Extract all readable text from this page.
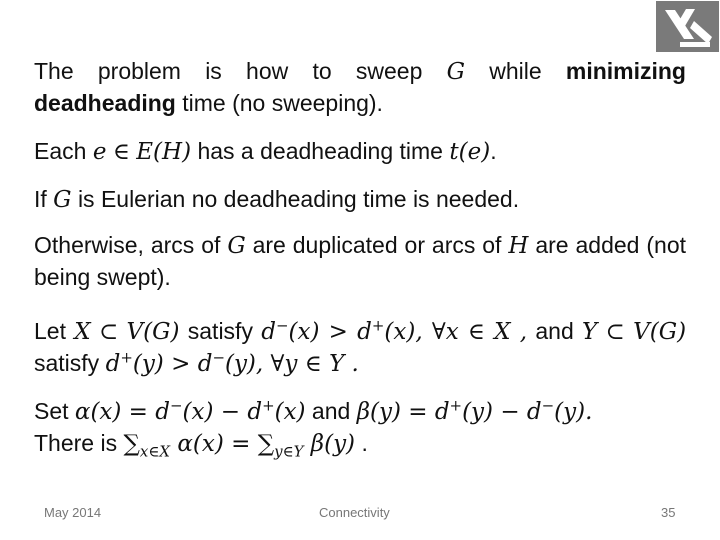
The problem is how to sweep G while minimizing deadheading time (no sweeping).

Each e ∈ E(H) has a deadheading time t(e).

If G is Eulerian no deadheading time is needed.

Otherwise, arcs of G are duplicated or arcs of H are added (not being swept).

Let X ⊂ V(G) satisfy d−(x) > d+(x), ∀x ∈ X , and Y ⊂ V(G) satisfy d+(y) > d−(y), ∀y ∈ Y .

Set α(x) = d−(x) − d+(x) and β(y) = d+(y) − d−(y).
There is $\sum_{x\in X}$ $\alpha(x) = \sum_{y\in Y}$ β(y) .

May 2014	Connectivity	35
